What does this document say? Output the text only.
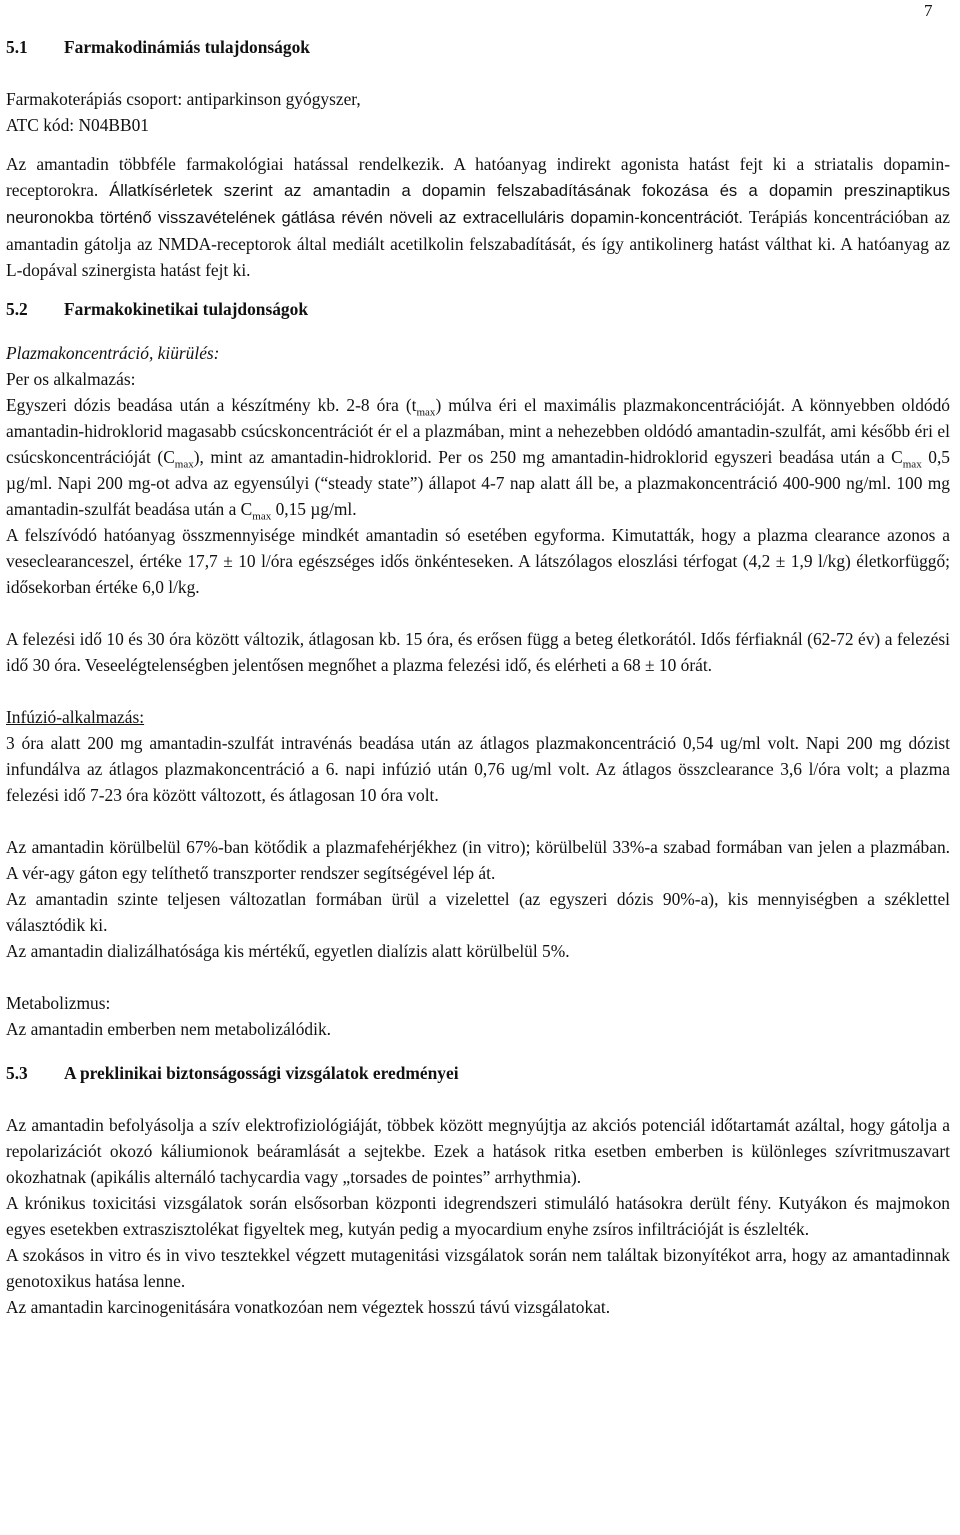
7

5.1 Farmakodinámiás tulajdonságok

Farmakoterápiás csoport: antiparkinson gyógyszer,

ATC kód: N04BB01

Az amantadin többféle farmakológiai hatással rendelkezik. A hatóanyag indirekt agonista hatást fejt ki a striatalis dopamin-receptorokra. Állatkísérletek szerint az amantadin a dopamin felszabadításának fokozása és a dopamin preszinaptikus neuronokba történő visszavételének gátlása révén növeli az extracelluláris dopamin-koncentrációt. Terápiás koncentrációban az amantadin gátolja az NMDA-receptorok által mediált acetilkolin felszabadítását, és így antikolinerg hatást válthat ki. A hatóanyag az L-dopával szinergista hatást fejt ki.

5.2 Farmakokinetikai tulajdonságok

Plazmakoncentráció, kiürülés:

Per os alkalmazás:

Egyszeri dózis beadása után a készítmény kb. 2-8 óra $(t_{max})$ múlva éri el maximális plazmakoncentrációját. A könnyebben oldódó amantadin-hidroklorid magasabb csúcskoncentrációt ér el a plazmában, mint a nehezebben oldódó amantadin-szulfát, ami később éri el csúcskoncentrációját $(C_{max})$, mint az amantadin-hidroklorid. Per os 250 mg amantadin-hidroklorid egyszeri beadása után a $C_{max}$ 0,5 µg/ml. Napi 200 mg-ot adva az egyensúlyi (“steady state”) állapot 4-7 nap alatt áll be, a plazmakoncentráció 400-900 ng/ml. 100 mg amantadin-szulfát beadása után a $C_{max}$ 0,15 µg/ml.

A felszívódó hatóanyag összmennyisége mindkét amantadin só esetében egyforma. Kimutatták, hogy a plazma clearance azonos a veseclearanceszel, értéke 17,7 ± 10 l/óra egészséges idős önkénteseken. A látszólagos eloszlási térfogat (4,2 ± 1,9 l/kg) életkorfüggő; idősekorban értéke 6,0 l/kg.

A felezési idő 10 és 30 óra között változik, átlagosan kb. 15 óra, és erősen függ a beteg életkorától. Idős férfiaknál (62-72 év) a felezési idő 30 óra. Veseelégtelenségben jelentősen megnőhet a plazma felezési idő, és elérheti a 68 ± 10 órát.

Infúzió-alkalmazás:

3 óra alatt 200 mg amantadin-szulfát intravénás beadása után az átlagos plazmakoncentráció 0,54 ug/ml volt. Napi 200 mg dózist infundálva az átlagos plazmakoncentráció a 6. napi infúzió után 0,76 ug/ml volt. Az átlagos összclearance 3,6 l/óra volt; a plazma felezési idő 7-23 óra között változott, és átlagosan 10 óra volt.

Az amantadin körülbelül 67%-ban kötődik a plazmafehérjékhez (in vitro); körülbelül 33%-a szabad formában van jelen a plazmában. A vér-agy gáton egy telíthető transzporter rendszer segítségével lép át.

Az amantadin szinte teljesen változatlan formában ürül a vizelettel (az egyszeri dózis 90%-a), kis mennyiségben a széklettel választódik ki.

Az amantadin dializálhatósága kis mértékű, egyetlen dialízis alatt körülbelül 5%.

Metabolizmus:

Az amantadin emberben nem metabolizálódik.

5.3 A preklinikai biztonságossági vizsgálatok eredményei

Az amantadin befolyásolja a szív elektrofiziológiáját, többek között megnyújtja az akciós potenciál időtartamát azáltal, hogy gátolja a repolarizációt okozó káliumionok beáramlását a sejtekbe. Ezek a hatások ritka esetben emberben is különleges szívritmuszavart okozhatnak (apikális alternáló tachycardia vagy „torsades de pointes” arrhythmia).

A krónikus toxicitási vizsgálatok során elsősorban központi idegrendszeri stimuláló hatásokra derült fény. Kutyákon és majmokon egyes esetekben extraszisztolékat figyeltek meg, kutyán pedig a myocardium enyhe zsíros infiltrációját is észlelték.

A szokásos in vitro és in vivo tesztekkel végzett mutagenitási vizsgálatok során nem találtak bizonyítékot arra, hogy az amantadinnak genotoxikus hatása lenne.

Az amantadin karcinogenitására vonatkozóan nem végeztek hosszú távú vizsgálatokat.
